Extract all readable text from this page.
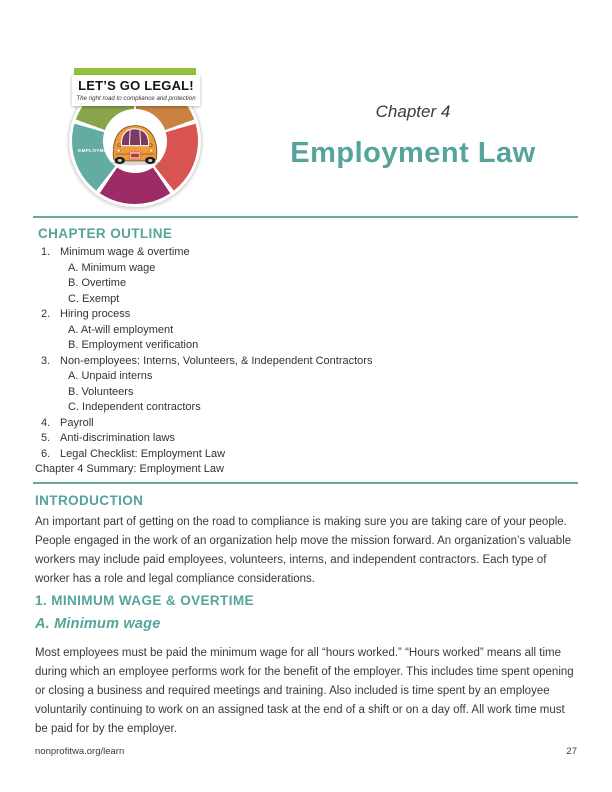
EMPLOYMENT
LET’S GO LEGAL!
The right road to compliance and protection
Chapter 4
Employment Law
CHAPTER OUTLINE
1. Minimum wage & overtime
A. Minimum wage
B. Overtime
C. Exempt
2. Hiring process
A. At-will employment
B. Employment verification
3. Non-employees: Interns, Volunteers, & Independent Contractors
A. Unpaid interns
B. Volunteers
C. Independent contractors
4. Payroll
5. Anti-discrimination laws
6. Legal Checklist: Employment Law
Chapter 4 Summary: Employment Law
INTRODUCTION

An important part of getting on the road to compliance is making sure you are taking care of your people. People engaged in the work of an organization help move the mission forward. An organization’s valuable workers may include paid employees, volunteers, interns, and independent contractors. Each type of worker has a role and legal compliance considerations.

1. MINIMUM WAGE & OVERTIME
A. Minimum wage

Most employees must be paid the minimum wage for all “hours worked.” “Hours worked” means all time during which an employee performs work for the benefit of the employer. This includes time spent opening or closing a business and required meetings and training. Also included is time spent by an employee voluntarily continuing to work on an assigned task at the end of a shift or on a day off. All work time must be paid for by the employer.

nonprofitwa.org/learn	27
